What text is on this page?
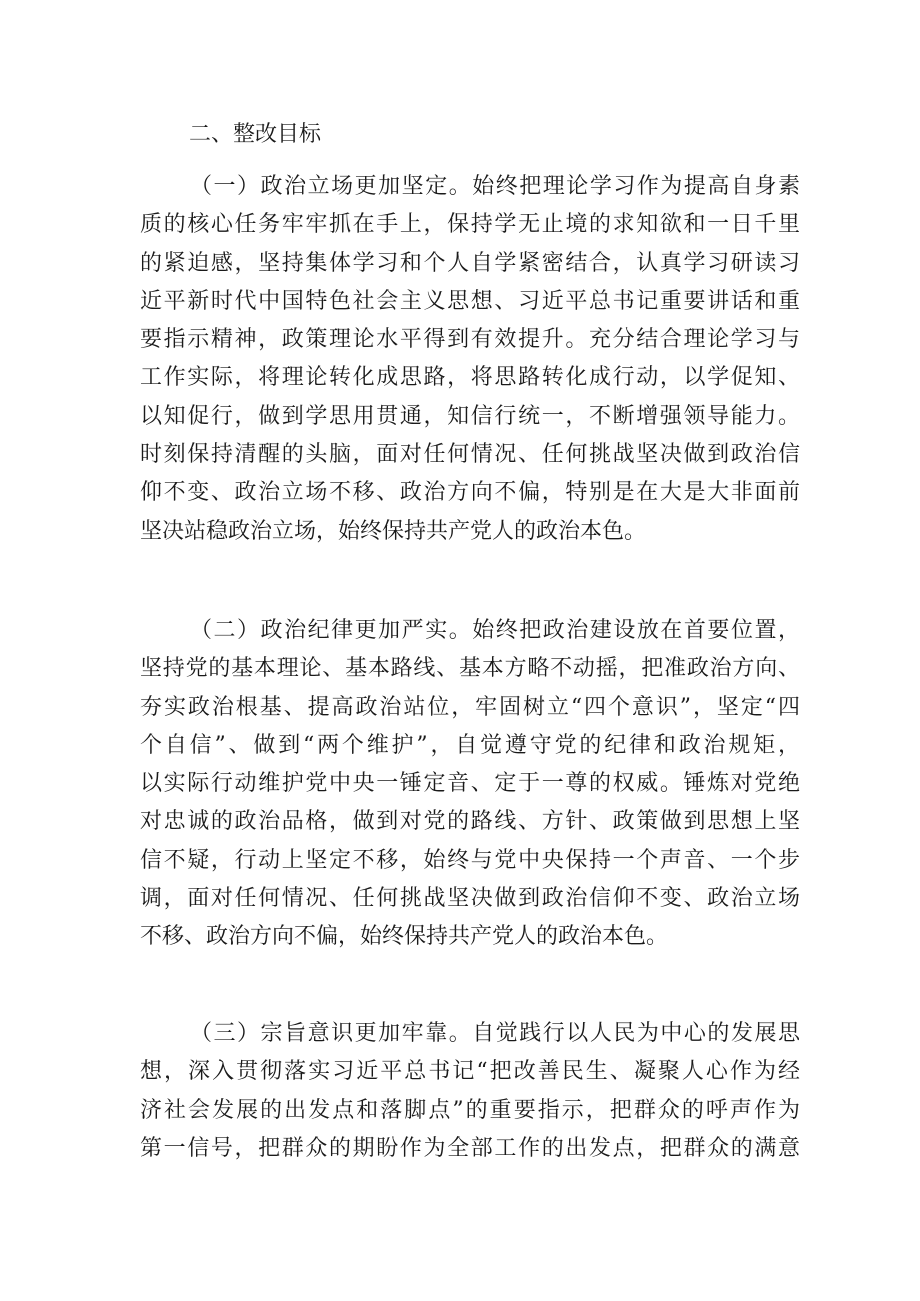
二、整改目标
（一）政治立场更加坚定。始终把理论学习作为提高自身素
质的核心任务牢牢抓在手上，保持学无止境的求知欲和一日千里
的紧迫感，坚持集体学习和个人自学紧密结合，认真学习研读习
近平新时代中国特色社会主义思想、习近平总书记重要讲话和重
要指示精神，政策理论水平得到有效提升。充分结合理论学习与
工作实际，将理论转化成思路，将思路转化成行动，以学促知、
以知促行，做到学思用贯通，知信行统一，不断增强领导能力。
时刻保持清醒的头脑，面对任何情况、任何挑战坚决做到政治信
仰不变、政治立场不移、政治方向不偏，特别是在大是大非面前
坚决站稳政治立场，始终保持共产党人的政治本色。
（二）政治纪律更加严实。始终把政治建设放在首要位置，
坚持党的基本理论、基本路线、基本方略不动摇，把准政治方向、
夯实政治根基、提高政治站位，牢固树立“四个意识”，坚定“四
个自信”、做到“两个维护”，自觉遵守党的纪律和政治规矩，
以实际行动维护党中央一锤定音、定于一尊的权威。锤炼对党绝
对忠诚的政治品格，做到对党的路线、方针、政策做到思想上坚
信不疑，行动上坚定不移，始终与党中央保持一个声音、一个步
调，面对任何情况、任何挑战坚决做到政治信仰不变、政治立场
不移、政治方向不偏，始终保持共产党人的政治本色。
（三）宗旨意识更加牢靠。自觉践行以人民为中心的发展思
想，深入贯彻落实习近平总书记“把改善民生、凝聚人心作为经
济社会发展的出发点和落脚点”的重要指示，把群众的呼声作为
第一信号，把群众的期盼作为全部工作的出发点，把群众的满意
